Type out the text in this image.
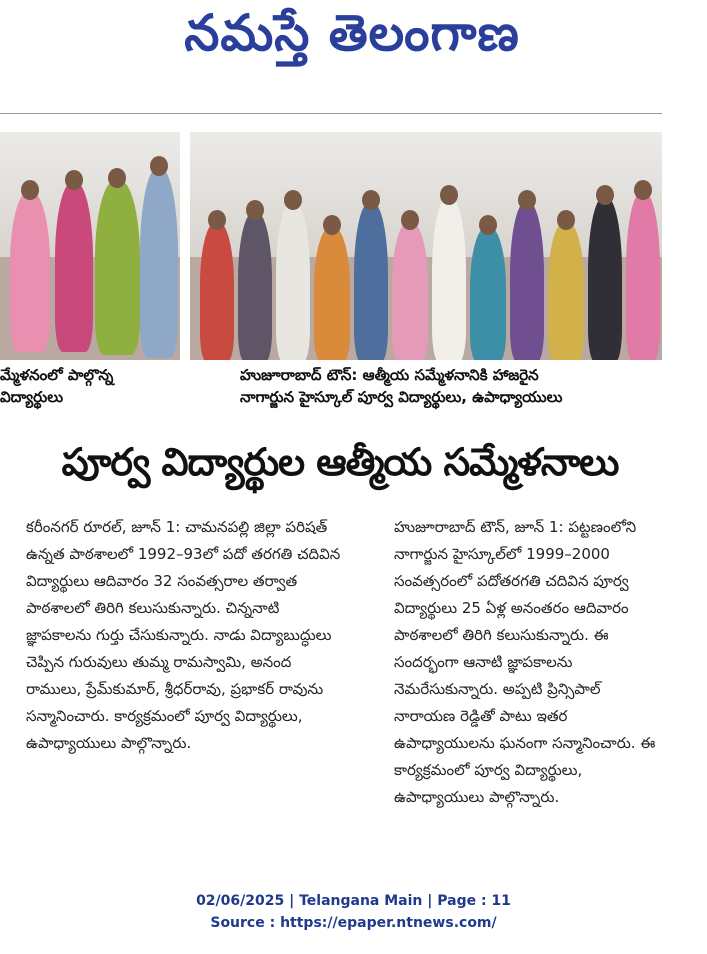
నమస్తే తెలంగాణ
మ్మేళనంలో పాల్గొన్న
విద్యార్థులు
హుజూరాబాద్ టౌన్: ఆత్మీయ సమ్మేళనానికి హాజరైన
నాగార్జున హైస్కూల్ పూర్వ విద్యార్థులు, ఉపాధ్యాయులు
పూర్వ విద్యార్థుల ఆత్మీయ సమ్మేళనాలు
కరీంనగర్ రూరల్, జూన్ 1: చామనపల్లి జిల్లా పరిషత్ ఉన్నత పాఠశాలలో 1992–93లో పదో తరగతి చదివిన విద్యార్థులు ఆదివారం 32 సంవత్సరాల తర్వాత పాఠశాలలో తిరిగి కలుసుకున్నారు. చిన్ననాటి జ్ఞాపకాలను గుర్తు చేసుకున్నారు. నాడు విద్యాబుద్ధులు చెప్పిన గురువులు తుమ్మ రామస్వామి, అనంద రాములు, ప్రేమ్‌కుమార్, శ్రీధర్‌రావు, ప్రభాకర్ రావును సన్మానించారు. కార్యక్రమంలో పూర్వ విద్యార్థులు, ఉపాధ్యాయులు పాల్గొన్నారు.
హుజూరాబాద్ టౌన్, జూన్ 1: పట్టణంలోని నాగార్జున హైస్కూల్‌లో 1999–2000 సంవత్సరంలో పదోతరగతి చదివిన పూర్వ విద్యార్థులు 25 ఏళ్ల అనంతరం ఆదివారం పాఠశాలలో తిరిగి కలుసుకున్నారు. ఈ సందర్భంగా ఆనాటి జ్ఞాపకాలను నెమరేసుకున్నారు. అప్పటి ప్రిన్సిపాల్ నారాయణ రెడ్డితో పాటు ఇతర ఉపాధ్యాయులను ఘనంగా సన్మానించారు. ఈ కార్యక్రమంలో పూర్వ విద్యార్థులు, ఉపాధ్యాయులు పాల్గొన్నారు.
02/06/2025 | Telangana Main | Page : 11
Source : https://epaper.ntnews.com/
